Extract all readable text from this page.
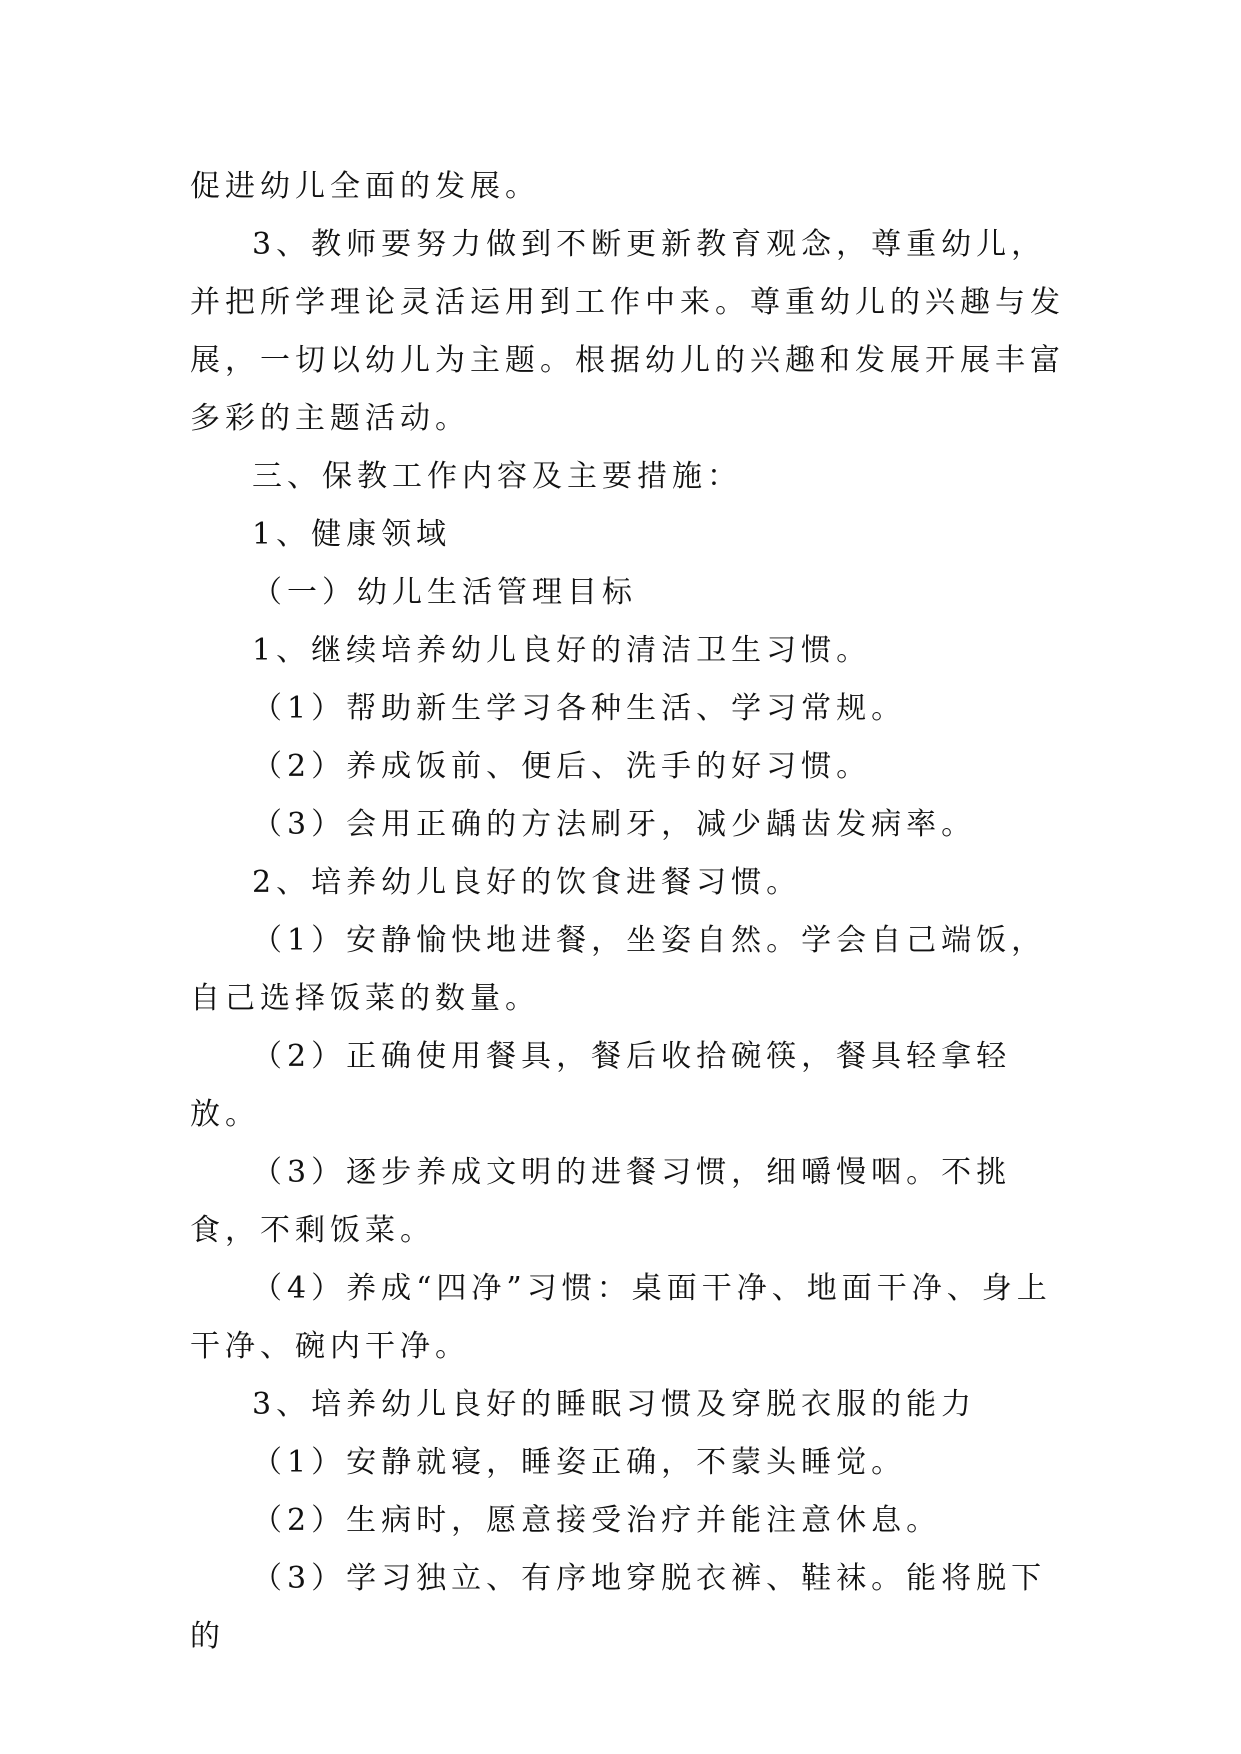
促进幼儿全面的发展。

3、教师要努力做到不断更新教育观念，尊重幼儿，并把所学理论灵活运用到工作中来。尊重幼儿的兴趣与发展，一切以幼儿为主题。根据幼儿的兴趣和发展开展丰富多彩的主题活动。

三、保教工作内容及主要措施：

1、健康领域

（一）幼儿生活管理目标

1、继续培养幼儿良好的清洁卫生习惯。

（1）帮助新生学习各种生活、学习常规。

（2）养成饭前、便后、洗手的好习惯。

（3）会用正确的方法刷牙，减少龋齿发病率。

2、培养幼儿良好的饮食进餐习惯。

（1）安静愉快地进餐，坐姿自然。学会自己端饭，自己选择饭菜的数量。

（2）正确使用餐具，餐后收拾碗筷，餐具轻拿轻放。

（3）逐步养成文明的进餐习惯，细嚼慢咽。不挑食，不剩饭菜。

（4）养成“四净”习惯：桌面干净、地面干净、身上干净、碗内干净。

3、培养幼儿良好的睡眠习惯及穿脱衣服的能力

（1）安静就寝，睡姿正确，不蒙头睡觉。

（2）生病时，愿意接受治疗并能注意休息。

（3）学习独立、有序地穿脱衣裤、鞋袜。能将脱下的
